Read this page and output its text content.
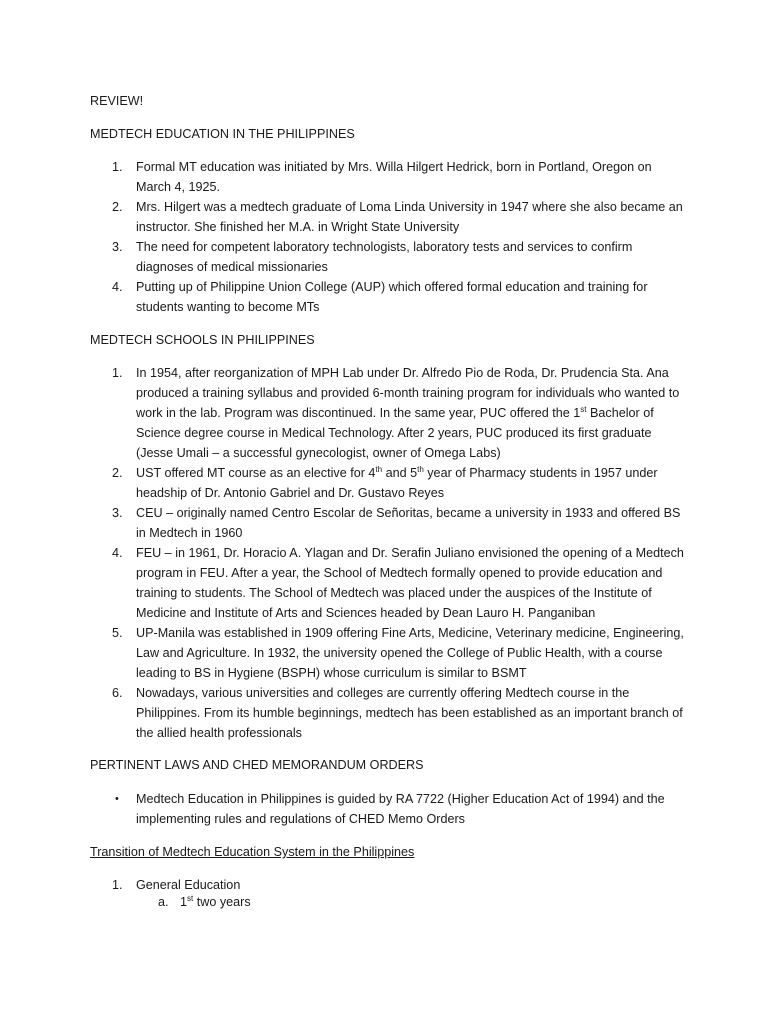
REVIEW!

MEDTECH EDUCATION IN THE PHILIPPINES

1. Formal MT education was initiated by Mrs. Willa Hilgert Hedrick, born in Portland, Oregon on March 4, 1925.
2. Mrs. Hilgert was a medtech graduate of Loma Linda University in 1947 where she also became an instructor. She finished her M.A. in Wright State University
3. The need for competent laboratory technologists, laboratory tests and services to confirm diagnoses of medical missionaries
4. Putting up of Philippine Union College (AUP) which offered formal education and training for students wanting to become MTs

MEDTECH SCHOOLS IN PHILIPPINES

1. In 1954, after reorganization of MPH Lab under Dr. Alfredo Pio de Roda, Dr. Prudencia Sta. Ana produced a training syllabus and provided 6-month training program for individuals who wanted to work in the lab. Program was discontinued. In the same year, PUC offered the 1st Bachelor of Science degree course in Medical Technology. After 2 years, PUC produced its first graduate (Jesse Umali – a successful gynecologist, owner of Omega Labs)
2. UST offered MT course as an elective for 4th and 5th year of Pharmacy students in 1957 under headship of Dr. Antonio Gabriel and Dr. Gustavo Reyes
3. CEU – originally named Centro Escolar de Señoritas, became a university in 1933 and offered BS in Medtech in 1960
4. FEU – in 1961, Dr. Horacio A. Ylagan and Dr. Serafin Juliano envisioned the opening of a Medtech program in FEU. After a year, the School of Medtech formally opened to provide education and training to students. The School of Medtech was placed under the auspices of the Institute of Medicine and Institute of Arts and Sciences headed by Dean Lauro H. Panganiban
5. UP-Manila was established in 1909 offering Fine Arts, Medicine, Veterinary medicine, Engineering, Law and Agriculture. In 1932, the university opened the College of Public Health, with a course leading to BS in Hygiene (BSPH) whose curriculum is similar to BSMT
6. Nowadays, various universities and colleges are currently offering Medtech course in the Philippines. From its humble beginnings, medtech has been established as an important branch of the allied health professionals

PERTINENT LAWS AND CHED MEMORANDUM ORDERS

• Medtech Education in Philippines is guided by RA 7722 (Higher Education Act of 1994) and the implementing rules and regulations of CHED Memo Orders

Transition of Medtech Education System in the Philippines

1. General Education
a. 1st two years
